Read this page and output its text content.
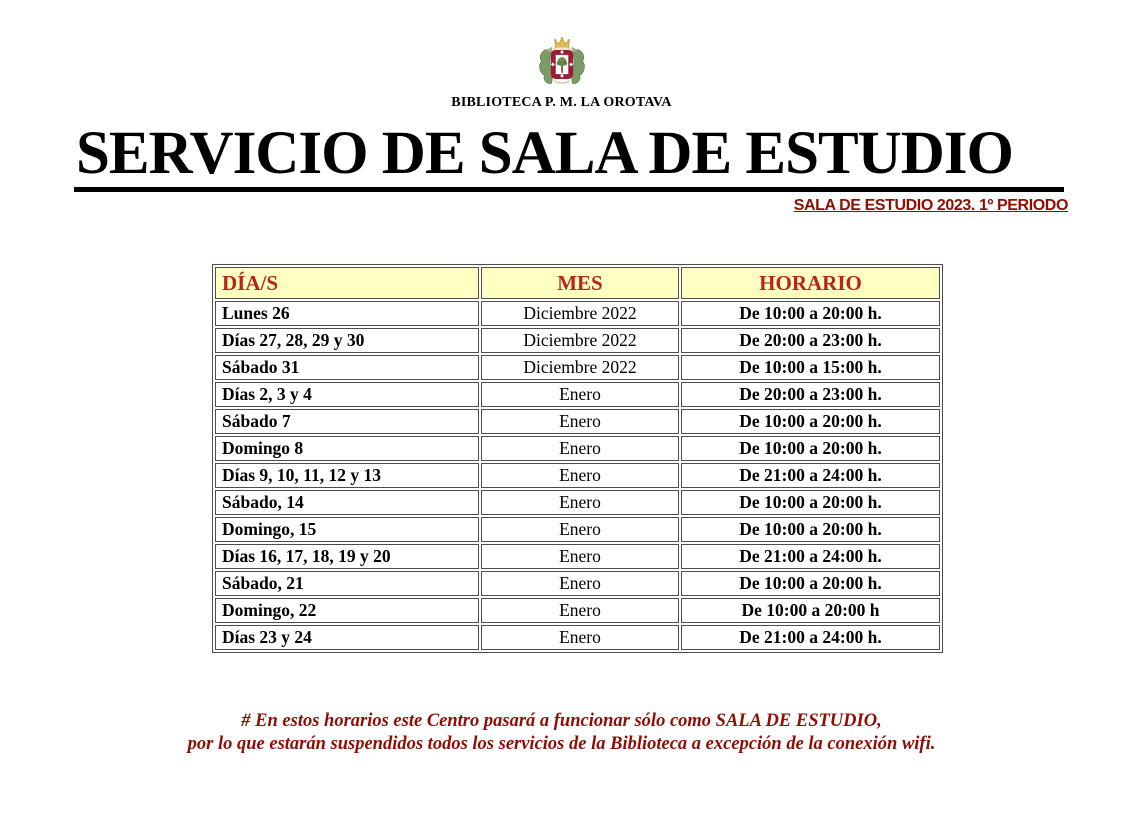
BIBLIOTECA P. M. LA OROTAVA
SERVICIO DE SALA DE ESTUDIO
SALA DE ESTUDIO 2023. 1º PERIODO
DÍA/S	MES	HORARIO
Lunes 26	Diciembre 2022	De 10:00 a 20:00 h.
Días 27, 28, 29 y 30	Diciembre 2022	De 20:00 a 23:00 h.
Sábado 31	Diciembre 2022	De 10:00 a 15:00 h.
Días 2, 3 y 4	Enero	De 20:00 a 23:00 h.
Sábado 7	Enero	De 10:00 a 20:00 h.
Domingo 8	Enero	De 10:00 a 20:00 h.
Días 9, 10, 11, 12 y 13	Enero	De 21:00 a 24:00 h.
Sábado, 14	Enero	De 10:00 a 20:00 h.
Domingo, 15	Enero	De 10:00 a 20:00 h.
Días 16, 17, 18, 19 y 20	Enero	De 21:00 a 24:00 h.
Sábado, 21	Enero	De 10:00 a 20:00 h.
Domingo, 22	Enero	De 10:00 a 20:00 h
Días 23 y 24	Enero	De 21:00 a 24:00 h.
# En estos horarios este Centro pasará a funcionar sólo como SALA DE ESTUDIO,
por lo que estarán suspendidos todos los servicios de la Biblioteca a excepción de la conexión wifi.
